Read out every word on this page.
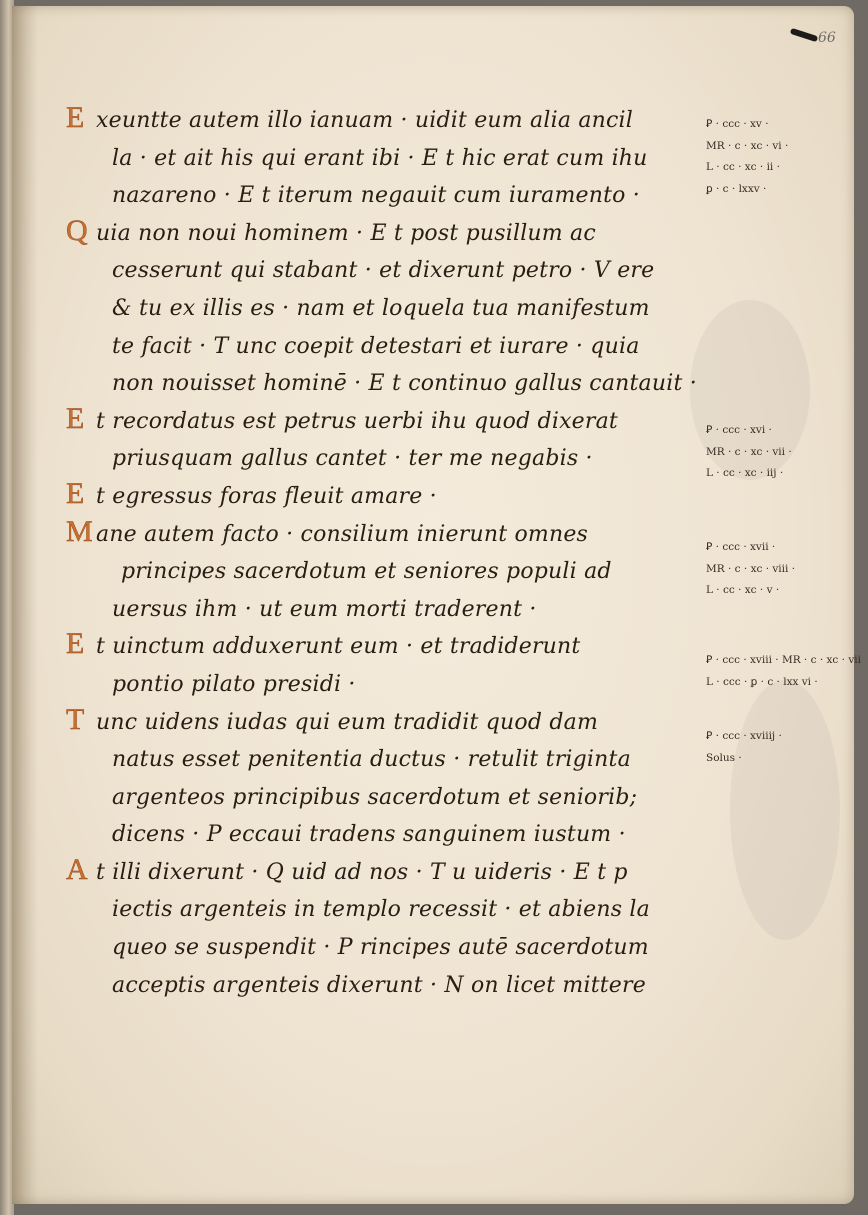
66
E xeuntte autem illo ianuam · uidit eum alia ancil
la · et ait his qui erant ibi · E t hic erat cum ihu
nazareno · E t iterum negauit cum iuramento ·
Q uia non noui hominem · E t post pusillum ac
cesserunt qui stabant · et dixerunt petro · V ere
& tu ex illis es · nam et loquela tua manifestum
te facit · T unc coepit detestari et iurare · quia
non nouisset hominē · E t continuo gallus cantauit ·
E t recordatus est petrus uerbi ihu quod dixerat
priusquam gallus cantet · ter me negabis ·
E t egressus foras fleuit amare ·
M ane autem facto · consilium inierunt omnes
principes sacerdotum et seniores populi ad
uersus ihm · ut eum morti traderent ·
E t uinctum adduxerunt eum · et tradiderunt
pontio pilato presidi ·
T unc uidens iudas qui eum tradidit quod dam
natus esset penitentia ductus · retulit triginta
argenteos principibus sacerdotum et seniorib;
dicens · P eccaui tradens sanguinem iustum ·
A t illi dixerunt · Q uid ad nos · T u uideris · E t p
iectis argenteis in templo recessit · et abiens la
queo se suspendit · P rincipes autē sacerdotum
acceptis argenteis dixerunt · N on licet mittere
Ꝑ · ccc · xv ·
MR · c · xc · vi ·
L · cc · xc · ii ·
ꝑ · c · lxxv ·
Ꝑ · ccc · xvi ·
MR · c · xc · vii ·
L · cc · xc · iij ·
Ꝑ · ccc · xvii ·
MR · c · xc · viii ·
L · cc · xc · v ·
Ꝑ · ccc · xviii · MR · c · xc · vii
L · ccc · ꝑ · c · lxx vi ·
Ꝑ · ccc · xviiij ·
Solus ·
